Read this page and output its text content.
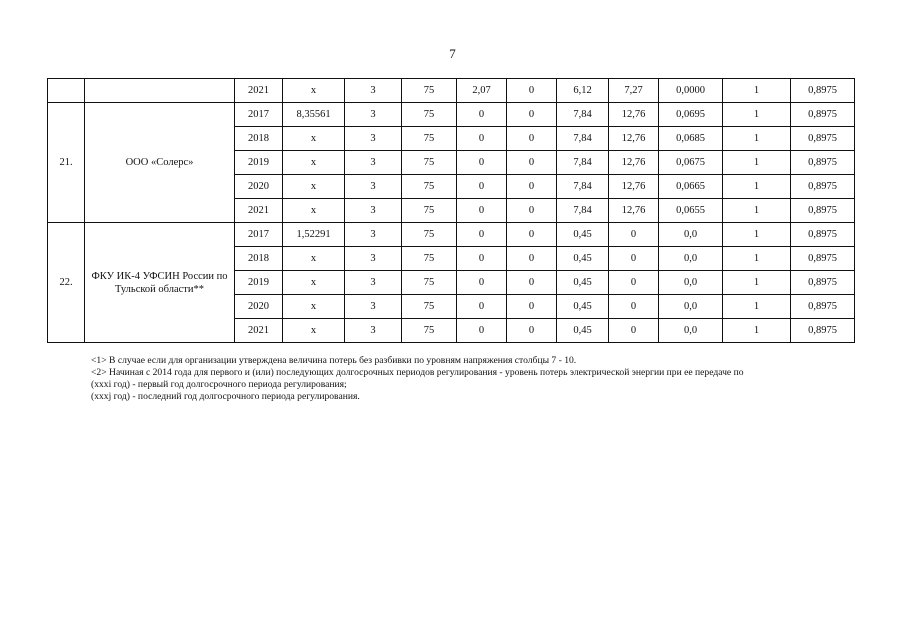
7
		2021	х	3	75	2,07	0	6,12	7,27	0,0000	1	0,8975
21.	ООО «Солерс»	2017	8,35561	3	75	0	0	7,84	12,76	0,0695	1	0,8975
		2018	х	3	75	0	0	7,84	12,76	0,0685	1	0,8975
		2019	х	3	75	0	0	7,84	12,76	0,0675	1	0,8975
		2020	х	3	75	0	0	7,84	12,76	0,0665	1	0,8975
		2021	х	3	75	0	0	7,84	12,76	0,0655	1	0,8975
22.	ФКУ ИК-4 УФСИН России по Тульской области**	2017	1,52291	3	75	0	0	0,45	0	0,0	1	0,8975
		2018	х	3	75	0	0	0,45	0	0,0	1	0,8975
		2019	х	3	75	0	0	0,45	0	0,0	1	0,8975
		2020	х	3	75	0	0	0,45	0	0,0	1	0,8975
		2021	х	3	75	0	0	0,45	0	0,0	1	0,8975
<1> В случае если для организации утверждена величина потерь без разбивки по уровням напряжения столбцы 7 - 10.
<2> Начиная с 2014 года для первого и (или) последующих долгосрочных периодов регулирования - уровень потерь электрической энергии при ее передаче по
(хххi год) - первый год долгосрочного периода регулирования;
(хххj год) - последний год долгосрочного периода регулирования.
